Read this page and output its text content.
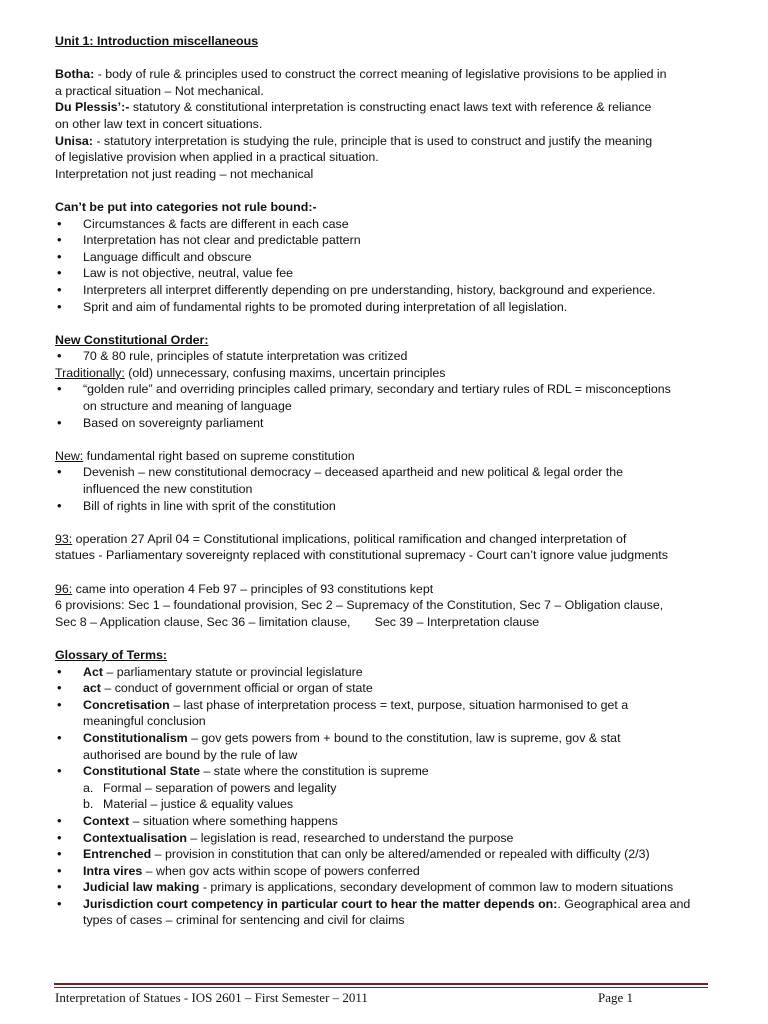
Unit 1: Introduction miscellaneous
Botha: - body of rule & principles used to construct the correct meaning of legislative provisions to be applied in
a practical situation – Not mechanical.
Du Plessis’:- statutory & constitutional interpretation is constructing enact laws text with reference & reliance
on other law text in concert situations.
Unisa: - statutory interpretation is studying the rule, principle that is used to construct and justify the meaning
of legislative provision when applied in a practical situation.
Interpretation not just reading – not mechanical
Can’t be put into categories not rule bound:-
• Circumstances & facts are different in each case
• Interpretation has not clear and predictable pattern
• Language difficult and obscure
• Law is not objective, neutral, value fee
• Interpreters all interpret differently depending on pre understanding, history, background and experience.
• Sprit and aim of fundamental rights to be promoted during interpretation of all legislation.
New Constitutional Order:
• 70 & 80 rule, principles of statute interpretation was critized
Traditionally: (old) unnecessary, confusing maxims, uncertain principles
• “golden rule” and overriding principles called primary, secondary and tertiary rules of RDL = misconceptions
on structure and meaning of language
• Based on sovereignty parliament
New: fundamental right based on supreme constitution
• Devenish – new constitutional democracy – deceased apartheid and new political & legal order the
influenced the new constitution
• Bill of rights in line with sprit of the constitution
93: operation 27 April 04 = Constitutional implications, political ramification and changed interpretation of
statues - Parliamentary sovereignty replaced with constitutional supremacy - Court can’t ignore value judgments
96: came into operation 4 Feb 97 – principles of 93 constitutions kept
6 provisions: Sec 1 – foundational provision, Sec 2 – Supremacy of the Constitution, Sec 7 – Obligation clause,
Sec 8 – Application clause, Sec 36 – limitation clause,       Sec 39 – Interpretation clause
Glossary of Terms:
• Act – parliamentary statute or provincial legislature
• act – conduct of government official or organ of state
• Concretisation – last phase of interpretation process = text, purpose, situation harmonised to get a
meaningful conclusion
• Constitutionalism – gov gets powers from + bound to the constitution, law is supreme, gov & stat
authorised are bound by the rule of law
• Constitutional State – state where the constitution is supreme
a. Formal – separation of powers and legality
b. Material – justice & equality values
• Context – situation where something happens
• Contextualisation – legislation is read, researched to understand the purpose
• Entrenched – provision in constitution that can only be altered/amended or repealed with difficulty (2/3)
• Intra vires – when gov acts within scope of powers conferred
• Judicial law making - primary is applications, secondary development of common law to modern situations
• Jurisdiction court competency in particular court to hear the matter depends on:. Geographical area and
types of cases – criminal for sentencing and civil for claims
Interpretation of Statues - IOS 2601 – First Semester – 2011	Page 1
